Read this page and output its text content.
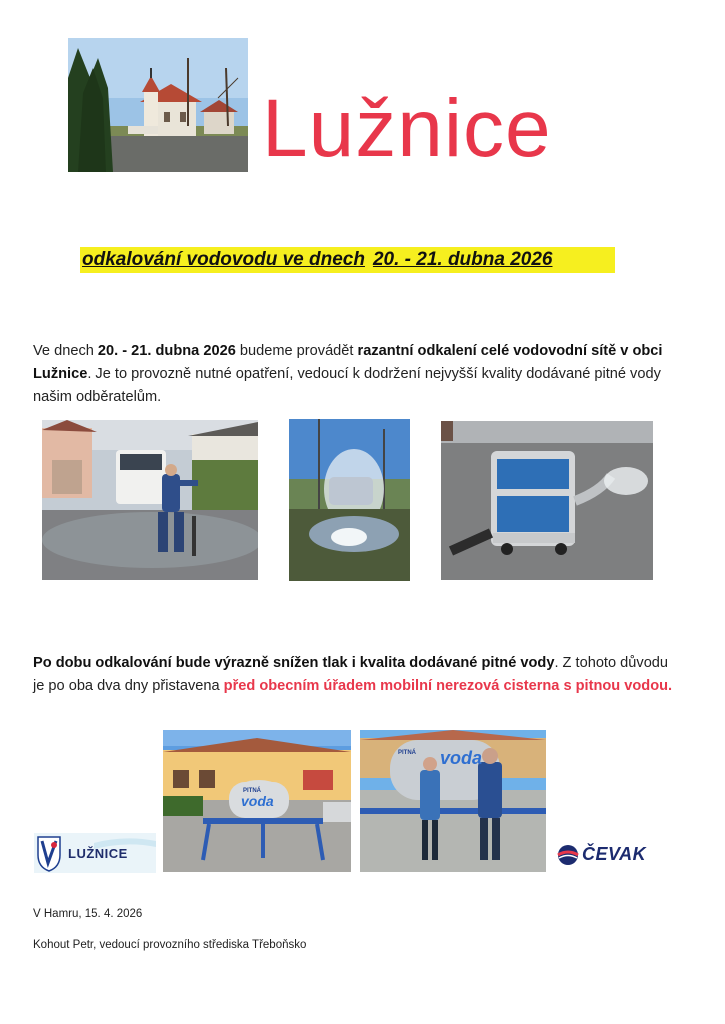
Lužnice
odkalování vodovodu ve dnech 20. - 21. dubna 2026
Ve dnech 20. - 21. dubna 2026 budeme provádět razantní odkalení celé vodovodní sítě v obci Lužnice. Je to provozně nutné opatření, vedoucí k dodržení nejvyšší kvality dodávané pitné vody našim odběratelům.
Po dobu odkalování bude výrazně snížen tlak i kvalita dodávané pitné vody. Z tohoto důvodu je po oba dva dny přistavena před obecním úřadem mobilní nerezová cisterna s pitnou vodou.
LUŽNICE
PITNÁ
voda
PITNÁ voda
ČEVAK
V Hamru, 15. 4. 2026
Kohout Petr, vedoucí provozního střediska Třeboňsko
